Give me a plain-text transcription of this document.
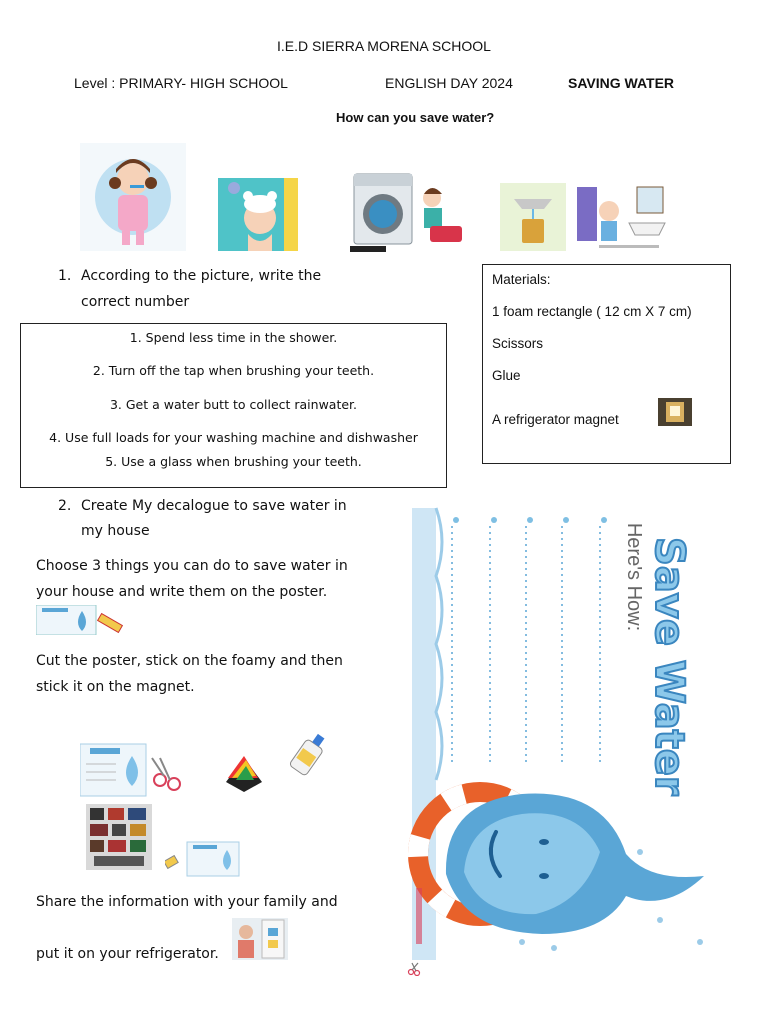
I.E.D SIERRA MORENA SCHOOL
Level : PRIMARY- HIGH SCHOOL	ENGLISH DAY 2024	SAVING WATER
How can you save water?
1. According to the picture, write the
correct number
1. Spend less time in the shower.
2. Turn off the tap when brushing your teeth.
3. Get a water butt to collect rainwater.
4. Use full loads for your washing machine and dishwasher
5. Use a glass when brushing your teeth.
Materials:
1 foam rectangle ( 12 cm X 7 cm)
Scissors
Glue
A refrigerator magnet
2. Create My decalogue to save water in
my house
Choose 3 things you can do to save water in
your house and write them on the poster.
Cut the poster, stick on the foamy and then
stick it on the magnet.
Share the information with your family and
put it on your refrigerator.
Save Water
Here's How:
